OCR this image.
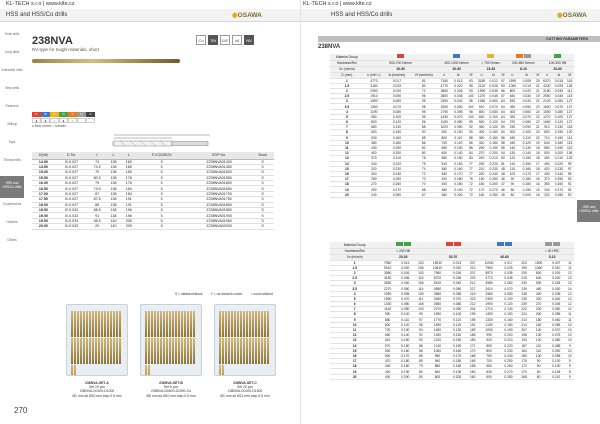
KL-TECH s.r.o | www.klte.cz
HSS and HSS/Co drills	◉OSAWA
Twist drills
Long drills
Indexable drills
Step drills
Reamers
Milling
Taps
Thread mills
HSS and HSS/Co drills
Countersinks
Holders
Others
238NVA
NV-type for tough materials, short
Co	TiN	118°	h8	NV
P	M	K	N	S	H	O
●	●	○	●	○
● Best choice ○ suitable
D(h8)	D Tol.	ℓ	L	L	P-KOD/BOX	EDP No.	Stock
14.00	0/-0.027	74	138	160	5	Z238NVA01400	S
14.50	0/-0.027	74.5	138	165	5	Z238NVA01450	S
15.00	0/-0.027	75	138	169	5	Z238NVA01500	S
15.50	0/-0.027	80.5	138	178	5	Z238NVA01550	S
16.00	0/-0.027	79	138	178	5	Z238NVA01600	S
16.50	0/-0.027	79.5	138	184	5	Z238NVA01650	S
17.00	0/-0.027	87	138	184	5	Z238NVA01700	S
17.50	0/-0.027	87.5	138	191	5	Z238NVA01750	S
18.00	0/-0.027	88	138	191	5	Z238NVA01800	S
18.50	0/-0.033	88.5	138	198	5	Z238NVA01850	S
19.00	0/-0.033	91	138	198	5	Z238NVA01900	S
19.50	0/-0.033	98.5	140	205	5	Z238NVA01950	S
20.00	0/-0.033	20	140	205	5	Z238NVA02000	S
S = skladem/stock Y = na dotaz/to order = nová velikost
238NVA-SET-A
Set 19 pcs
238NVA-D0100-D1000
Ø1 mm až Ø10 mm step 0.5 mm
238NVA-SET-B
Set 6 pcs
238NVA-D0600-D1000-Co
Ø6 mm až Ø10 mm step 0.5 mm
238NVA-SET-C
Set 25 pcs
238NVA-D0100-D1300
Ø1 mm až Ø13 mm step 0.5 mm
270
KL-TECH s.r.o | www.klte.cz
HSS and HSS/Co drills	◉OSAWA
HSS and HSS/Co drills
CUTTING PARAMETERS
238NVA
Material Group															
Hardness/Rm	500-700 N/mm²			400-1000 N/mm²			< 700 N/mm²			200-650 N/mm²			100-300 HB		
Vc (m/min)	20-50			20-50			15-35			8-15			20-60		
D (mm)	n (min⁻¹)	fz (mm/rev)	Vf (mm/min)	n	fz	Vf	n	fz	Vf	n	fz	Vf	n	fz	Vf
1	4770	0.017	81	7160	0.013	93	3180	0.012	57	1590	0.008	29	6370	0.018	115
1.5	3180	0.025	80	4770	0.020	95	2120	0.025	53	1060	0.013	21	4240	0.025	106
2	2390	0.030	72	3580	0.026	93	1590	0.035	56	800	0.020	21	3180	0.035	111
2.5	1910	0.050	96	2860	0.036	103	1270	0.045	57	640	0.030	19	2550	0.045	115
3	1590	0.060	95	2390	0.040	96	1060	0.060	64	530	0.040	21	2120	0.060	127
3.5	1360	0.070	95	2050	0.050	102	910	0.070	64	450	0.050	23	1820	0.070	127
4	1190	0.080	95	1790	0.055	98	800	0.080	64	400	0.060	24	1590	0.080	127
5	950	0.100	95	1430	0.070	100	640	0.100	64	320	0.070	22	1270	0.100	127
6	800	0.120	96	1190	0.080	95	530	0.120	64	270	0.080	22	1060	0.120	127
7	680	0.130	88	1020	0.090	92	450	0.130	59	230	0.090	21	910	0.130	118
8	600	0.150	90	900	0.100	90	400	0.150	60	200	0.100	20	800	0.150	120
9	530	0.160	85	800	0.110	88	350	0.160	56	180	0.110	20	710	0.160	114
10	480	0.180	86	720	0.120	86	320	0.180	58	160	0.120	19	640	0.180	115
11	430	0.190	82	650	0.130	85	290	0.190	55	140	0.130	18	580	0.190	110
12	400	0.200	80	600	0.140	84	270	0.200	54	130	0.140	18	530	0.200	106
13	370	0.210	78	550	0.150	83	240	0.210	50	120	0.150	18	490	0.210	103
14	340	0.220	75	510	0.150	77	230	0.220	51	110	0.150	17	450	0.220	99
15	320	0.230	74	480	0.160	77	210	0.230	48	110	0.160	18	420	0.230	97
16	300	0.240	72	450	0.170	77	200	0.240	48	100	0.170	17	400	0.240	96
17	280	0.250	70	420	0.180	76	190	0.250	48	90	0.180	16	370	0.250	93
18	270	0.260	70	400	0.180	72	180	0.260	47	90	0.180	16	350	0.260	91
19	250	0.270	68	380	0.190	72	170	0.270	46	80	0.190	15	340	0.270	92
20	240	0.280	67	360	0.200	72	160	0.280	45	80	0.200	16	320	0.280	90
Material Group												
Hardness/Rm	< 250 HB									< 30 HRC		
Vc (m/min)	20-30			30-70			40-60			5-10		
1	7960	0.013	103	15910	0.013	207	11940	0.017	203	1590	0.007	11
1.5	5310	0.020	106	10610	0.020	212	7960	0.025	199	1060	0.010	11
2	3980	0.026	103	7960	0.026	207	5970	0.035	209	800	0.015	12
2.5	3180	0.036	115	6370	0.036	229	4770	0.045	215	640	0.020	13
3	2650	0.040	106	5310	0.040	212	3980	0.060	239	530	0.025	13
3.5	2270	0.050	114	4550	0.050	227	3410	0.070	239	450	0.030	14
4	1990	0.055	109	3980	0.055	219	2980	0.080	238	400	0.035	14
5	1590	0.070	111	3180	0.070	223	2390	0.100	239	320	0.040	13
6	1330	0.080	106	2650	0.080	212	1990	0.120	239	270	0.045	12
7	1140	0.090	103	2270	0.090	204	1710	0.130	222	230	0.050	12
8	990	0.100	99	1990	0.100	199	1490	0.150	224	200	0.055	11
9	880	0.110	97	1770	0.110	195	1330	0.160	213	180	0.060	11
10	800	0.120	96	1590	0.120	191	1190	0.180	214	160	0.065	10
11	720	0.130	94	1450	0.130	189	1090	0.190	207	140	0.070	10
12	660	0.140	92	1330	0.140	186	990	0.200	198	130	0.075	10
13	610	0.150	92	1220	0.150	183	920	0.210	193	120	0.080	10
14	570	0.150	86	1140	0.150	171	850	0.220	187	110	0.085	9
15	530	0.160	85	1060	0.160	170	800	0.230	184	110	0.090	10
16	500	0.170	85	990	0.170	168	750	0.240	180	100	0.095	10
17	470	0.180	85	940	0.180	169	700	0.250	175	90	0.100	9
18	440	0.180	79	880	0.180	158	660	0.260	172	90	0.100	9
19	420	0.190	80	840	0.190	160	630	0.270	170	80	0.105	8
20	400	0.200	80	800	0.200	160	600	0.280	168	80	0.110	9
